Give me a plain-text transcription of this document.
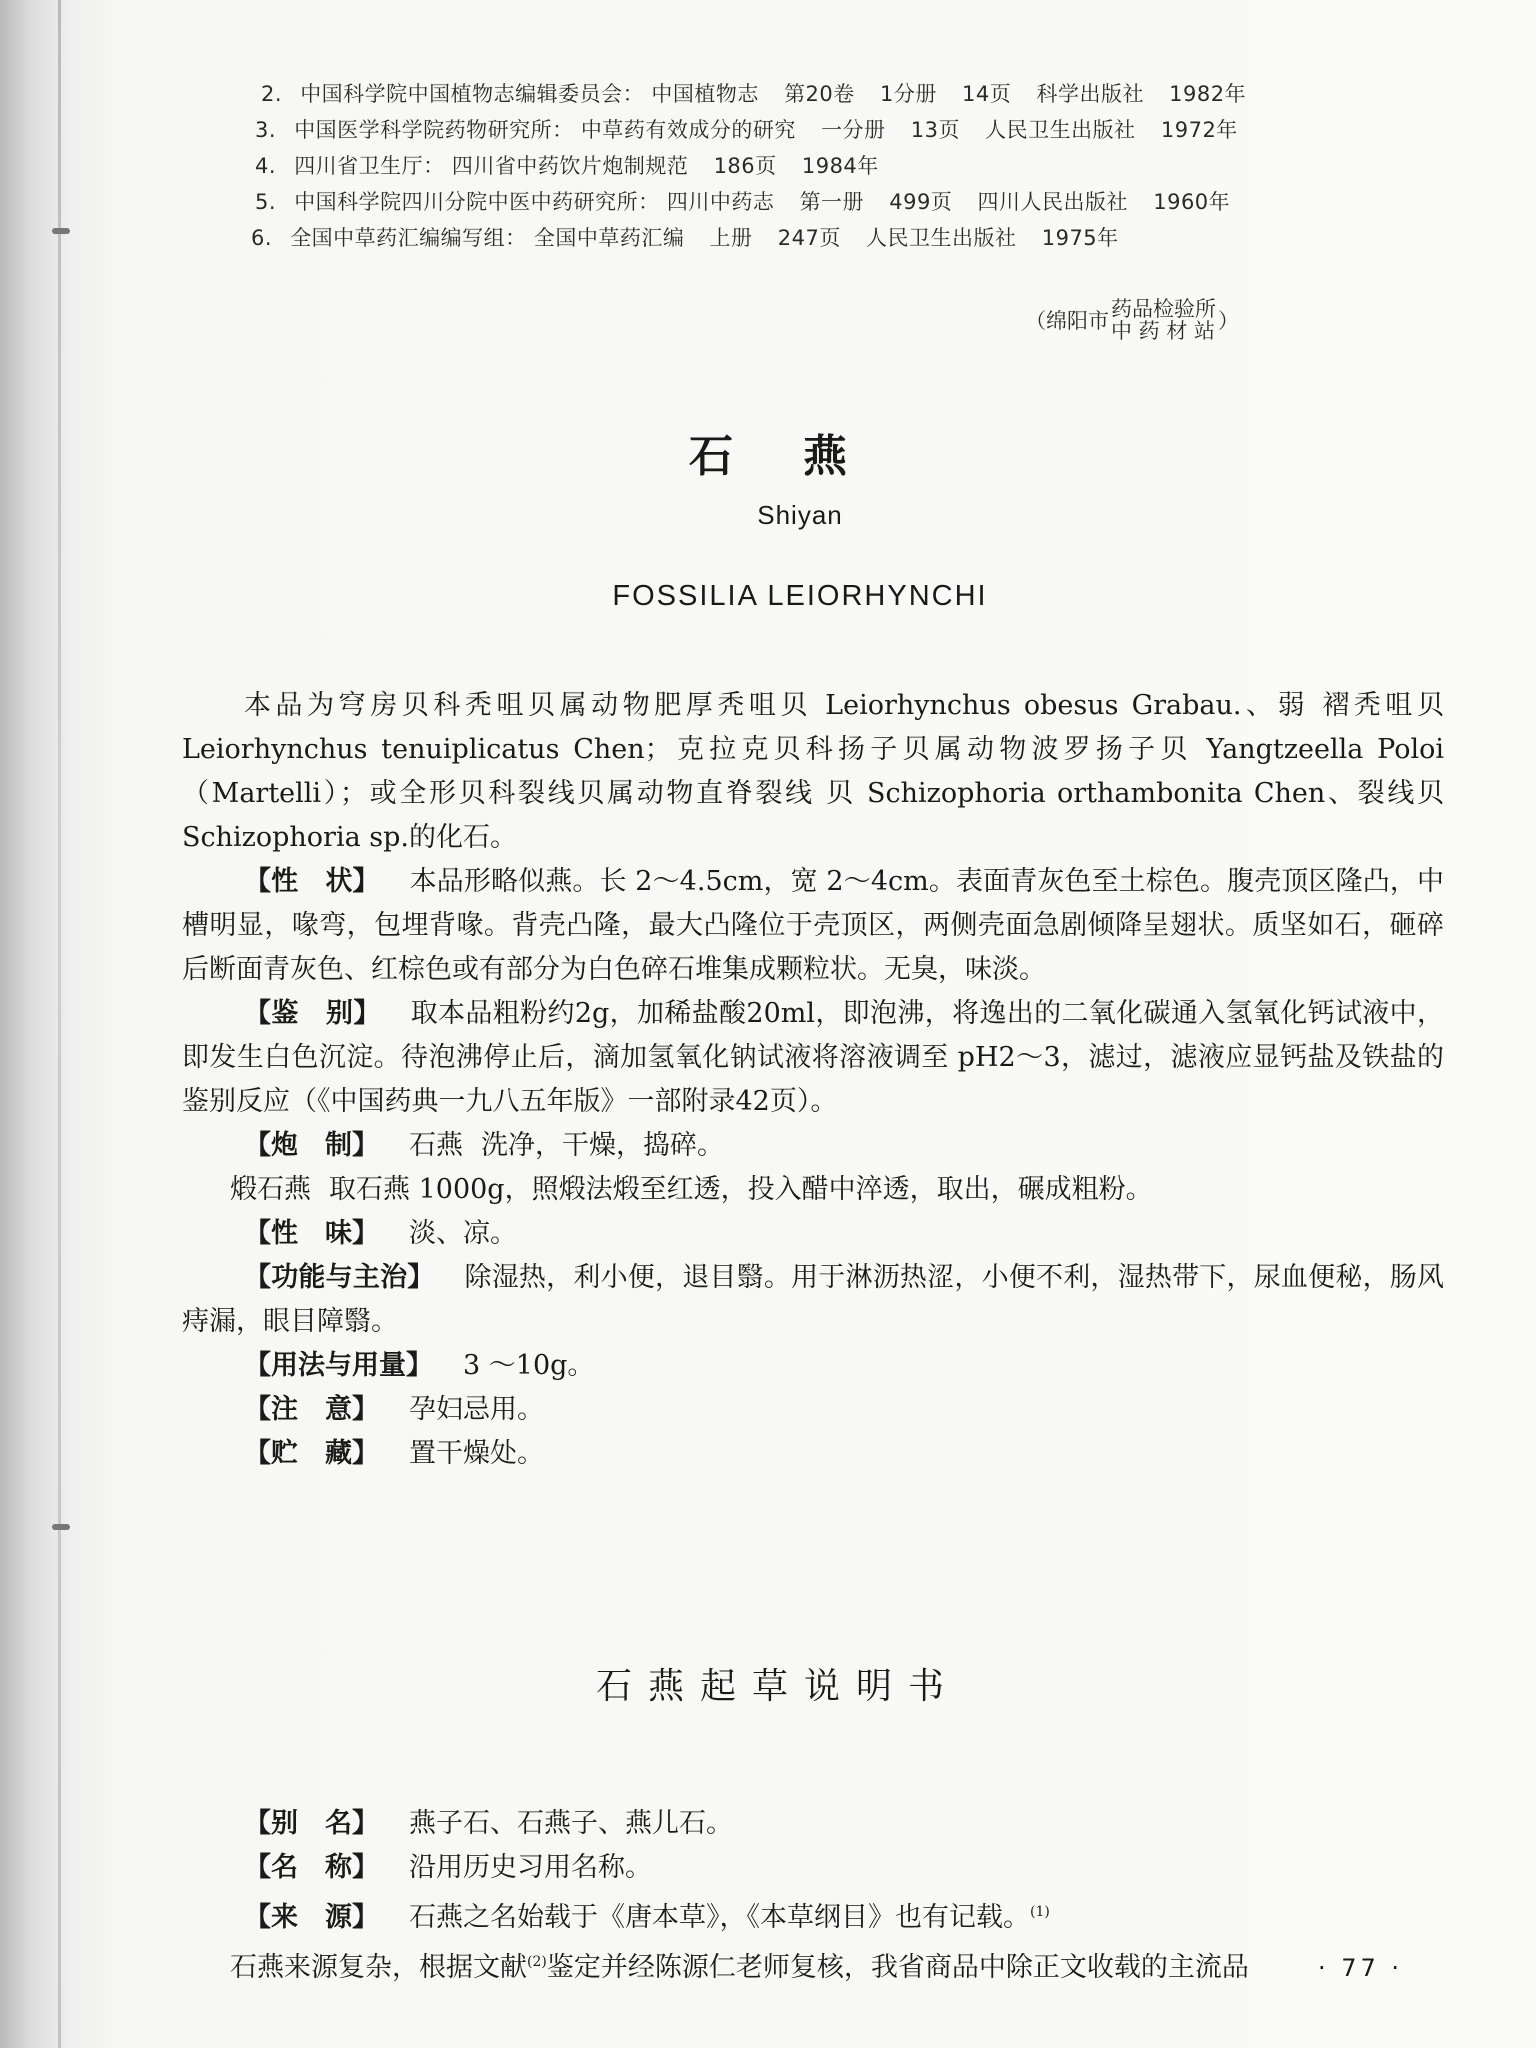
2. 中国科学院中国植物志编辑委员会： 中国植物志 第20卷 1分册 14页 科学出版社 1982年
3. 中国医学科学院药物研究所： 中草药有效成分的研究 一分册 13页 人民卫生出版社 1972年
4. 四川省卫生厅： 四川省中药饮片炮制规范 186页 1984年
5. 中国科学院四川分院中医中药研究所： 四川中药志 第一册 499页 四川人民出版社 1960年
6. 全国中草药汇编编写组： 全国中草药汇编 上册 247页 人民卫生出版社 1975年
（绵阳市 药品检验所
中 药 材 站 ）
石燕
Shiyan
FOSSILIA LEIORHYNCHI

本品为穹房贝科秃咀贝属动物肥厚秃咀贝 Leiorhynchus obesus Grabau.、弱 褶秃咀贝 Leiorhynchus tenuiplicatus Chen；克拉克贝科扬子贝属动物波罗扬子贝 Yangtzeella Poloi（Martelli）；或全形贝科裂线贝属动物直脊裂线 贝 Schizophoria orthambonita Chen、裂线贝 Schizophoria sp.的化石。

【性　状】 本品形略似燕。长 2～4.5cm，宽 2～4cm。表面青灰色至土棕色。腹壳顶区隆凸，中槽明显，喙弯，包埋背喙。背壳凸隆，最大凸隆位于壳顶区，两侧壳面急剧倾降呈翅状。质坚如石，砸碎后断面青灰色、红棕色或有部分为白色碎石堆集成颗粒状。无臭，味淡。

【鉴　别】 取本品粗粉约2g，加稀盐酸20ml，即泡沸，将逸出的二氧化碳通入氢氧化钙试液中，即发生白色沉淀。待泡沸停止后，滴加氢氧化钠试液将溶液调至 pH2～3，滤过，滤液应显钙盐及铁盐的鉴别反应（《中国药典一九八五年版》一部附录42页）。

【炮　制】 石燕 洗净，干燥，捣碎。

煅石燕 取石燕 1000g，照煅法煅至红透，投入醋中淬透，取出，碾成粗粉。

【性　味】 淡、凉。

【功能与主治】 除湿热，利小便，退目翳。用于淋沥热涩，小便不利，湿热带下，尿血便秘，肠风痔漏，眼目障翳。

【用法与用量】 3 ～10g。

【注　意】 孕妇忌用。

【贮　藏】 置干燥处。

石燕起草说明书

【别　名】 燕子石、石燕子、燕儿石。

【名　称】 沿用历史习用名称。

【来　源】 石燕之名始载于《唐本草》，《本草纲目》也有记载。$^{(1)}$

石燕来源复杂，根据文献$^{(2)}$鉴定并经陈源仁老师复核，我省商品中除正文收载的主流品	· 77 ·
